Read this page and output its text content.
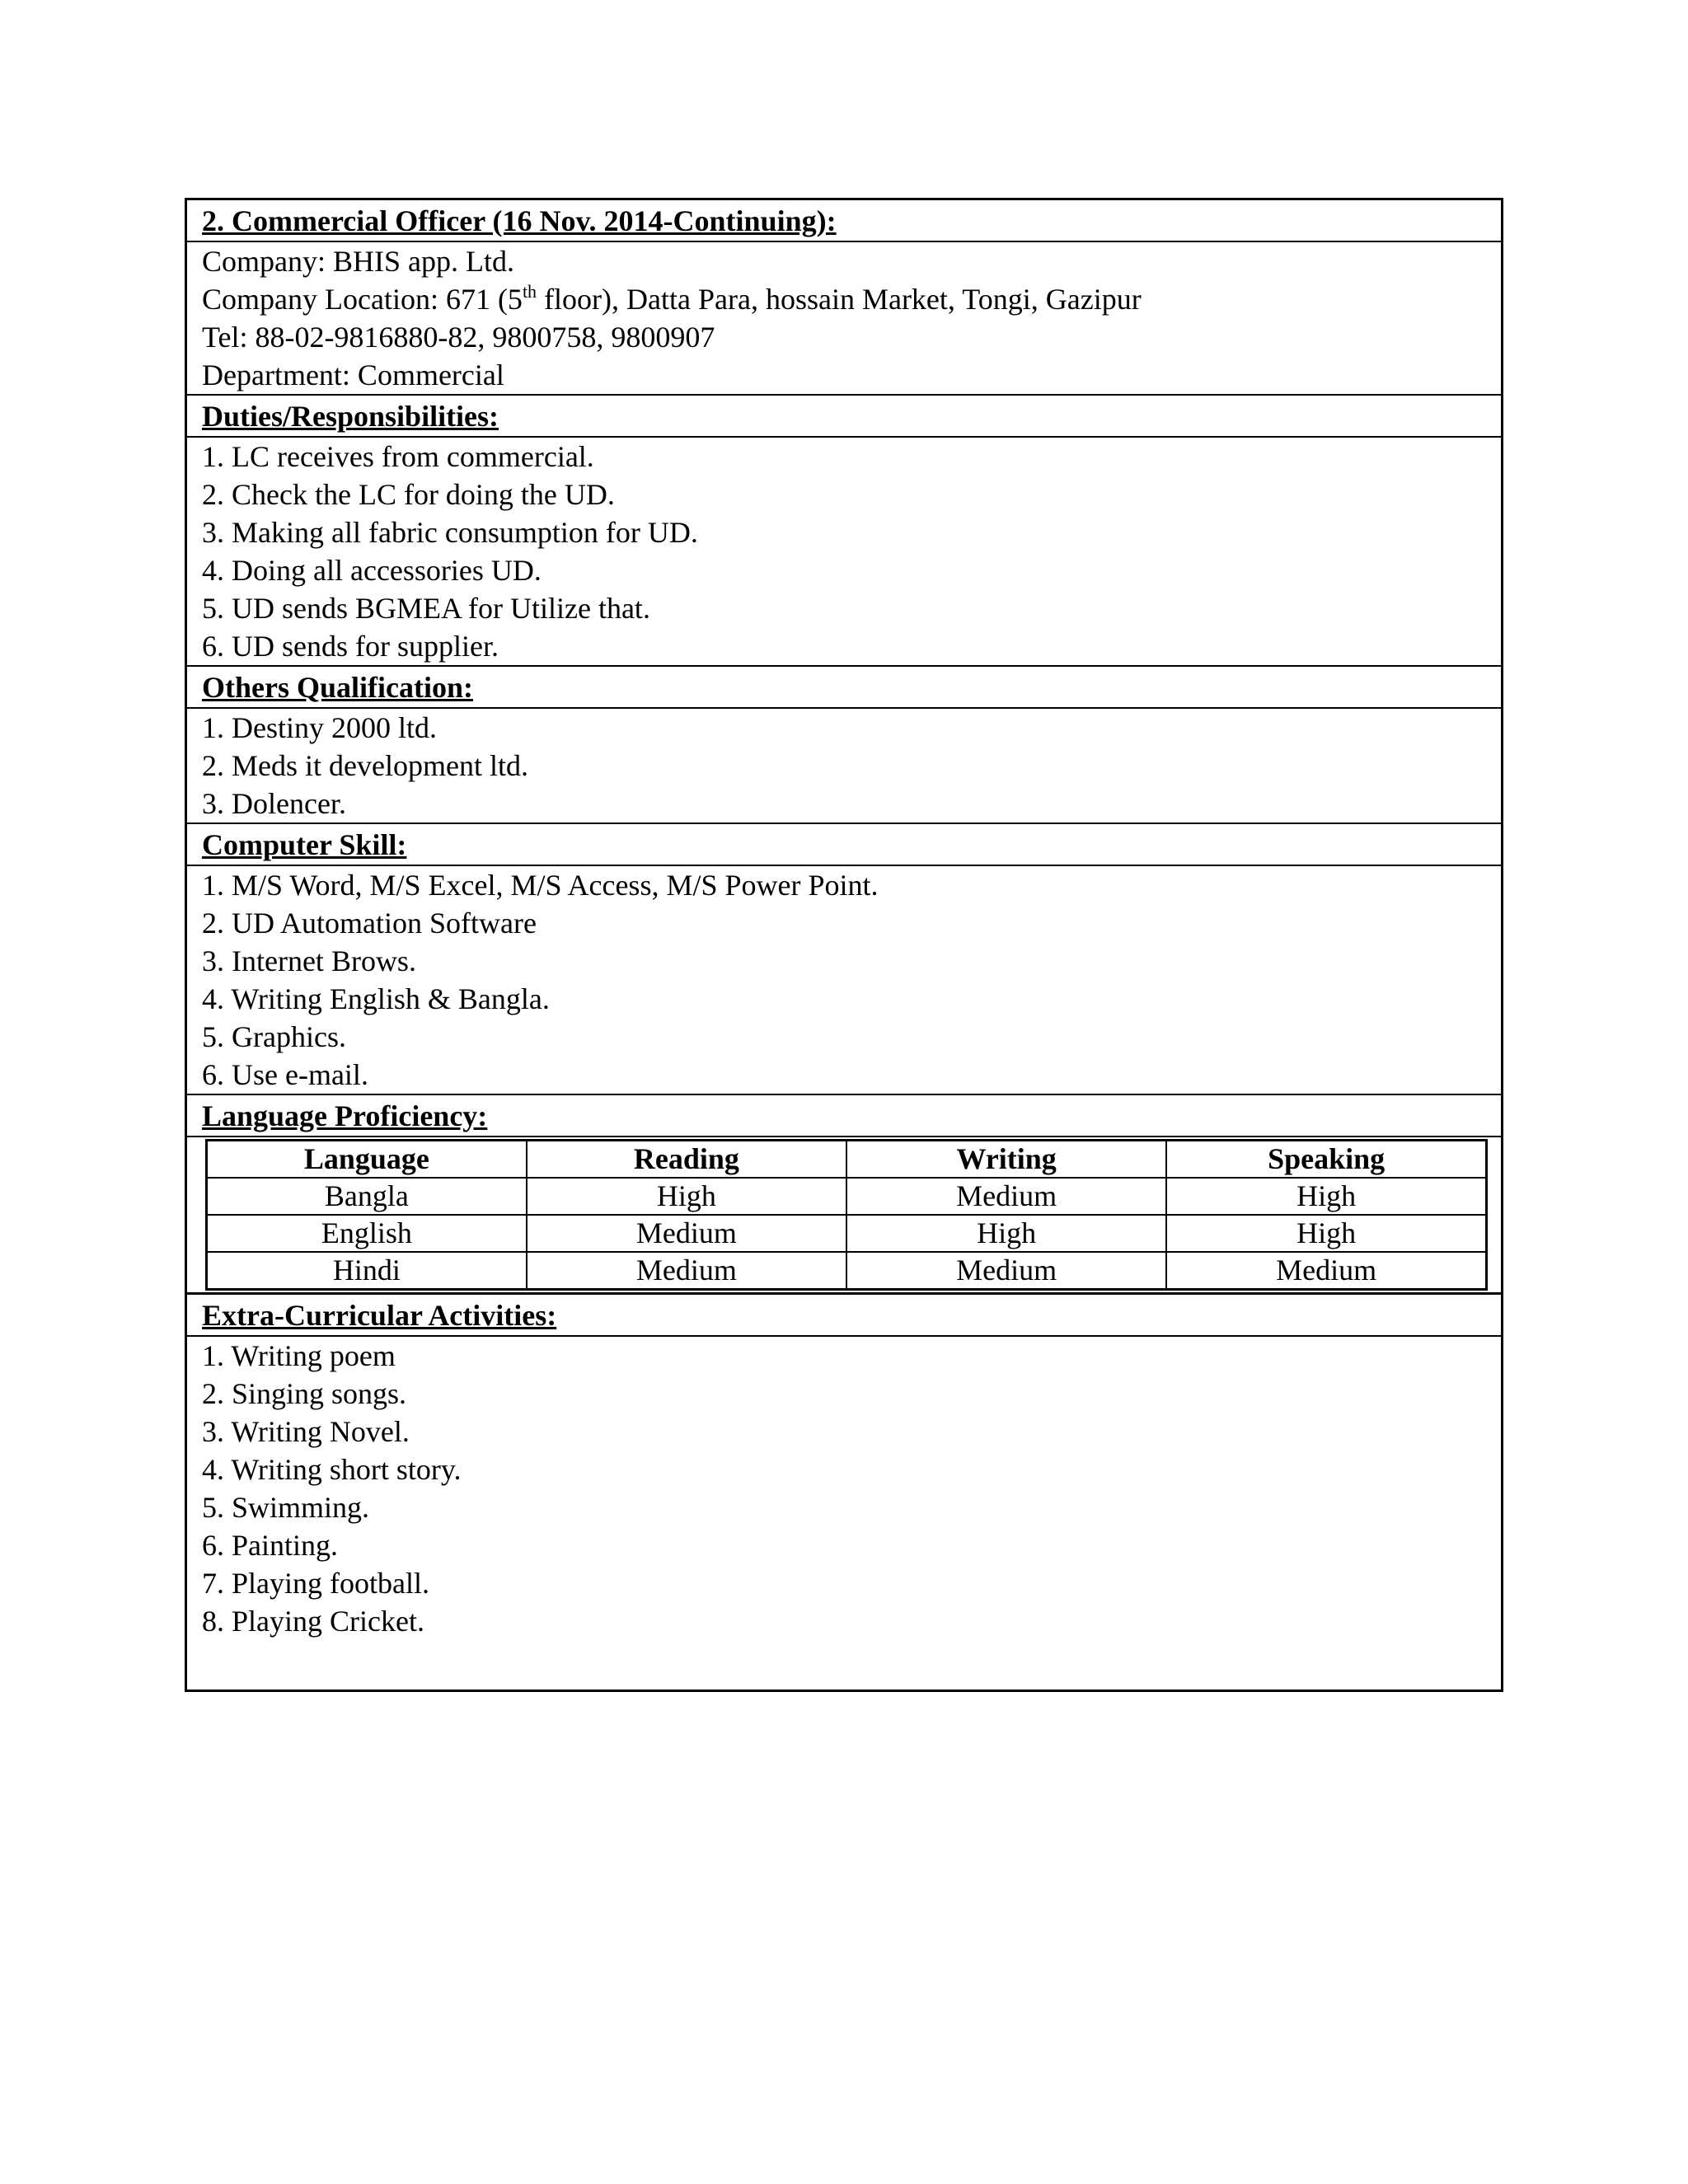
2. Commercial Officer (16 Nov. 2014-Continuing):
Company: BHIS app. Ltd.
Company Location: 671 (5th floor), Datta Para, hossain Market, Tongi, Gazipur
Tel: 88-02-9816880-82, 9800758, 9800907
Department: Commercial
Duties/Responsibilities:
1. LC receives from commercial.
2. Check the LC for doing the UD.
3. Making all fabric consumption for UD.
4. Doing all accessories UD.
5. UD sends BGMEA for Utilize that.
6. UD sends for supplier.
Others Qualification:
1. Destiny 2000 ltd.
2. Meds it development ltd.
3. Dolencer.
Computer Skill:
1. M/S Word, M/S Excel, M/S Access, M/S Power Point.
2. UD Automation Software
3. Internet Brows.
4. Writing English & Bangla.
5. Graphics.
6. Use e-mail.
Language Proficiency:
Language	Reading	Writing	Speaking
Bangla	High	Medium	High
English	Medium	High	High
Hindi	Medium	Medium	Medium
Extra-Curricular Activities:
1. Writing poem
2. Singing songs.
3. Writing Novel.
4. Writing short story.
5. Swimming.
6. Painting.
7. Playing football.
8. Playing Cricket.
